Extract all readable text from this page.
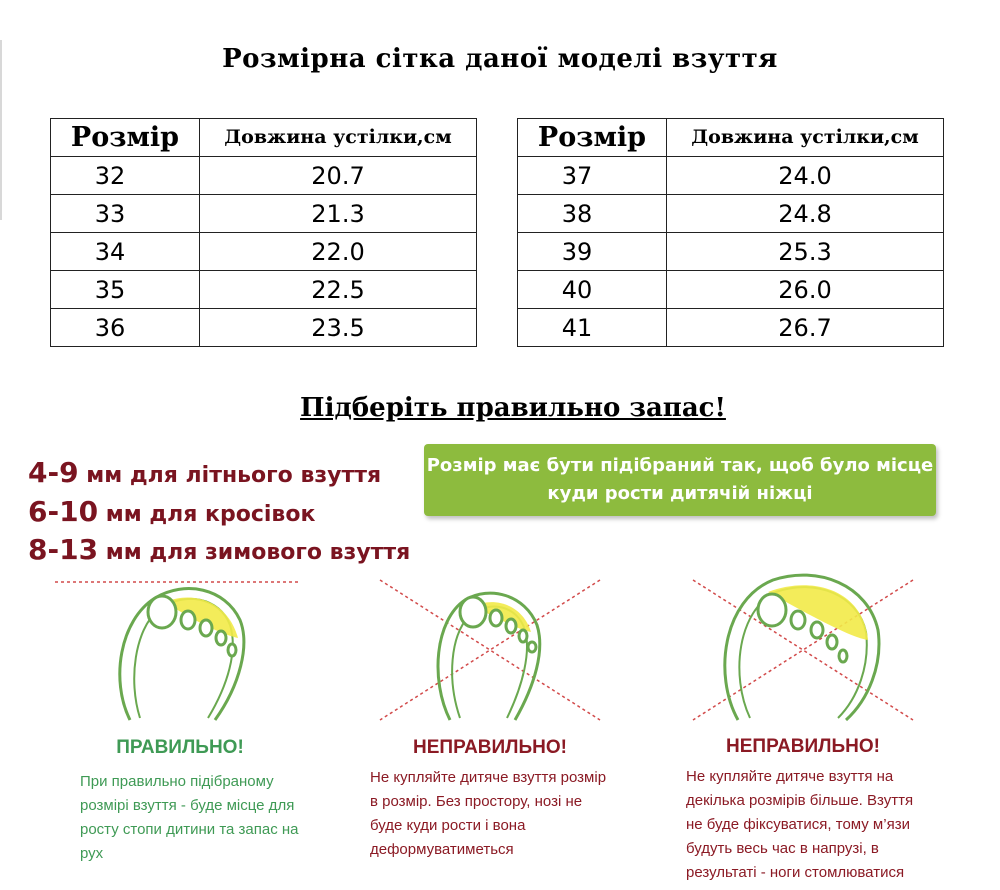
Розмірна сітка даної моделі взуття
Розмір	Довжина устілки,см
32	20.7
33	21.3
34	22.0
35	22.5
36	23.5
Розмір	Довжина устілки,см
37	24.0
38	24.8
39	25.3
40	26.0
41	26.7
Підберіть правильно запас!
4-9 мм для літнього взуття
6-10 мм для кросівок
8-13 мм для зимового взуття
Розмір має бути підібраний так, щоб було місце
куди рости дитячій ніжці
ПРАВИЛЬНО!	НЕПРАВИЛЬНО!	НЕПРАВИЛЬНО!
При правильно підібраному
розмірі взуття - буде місце для
росту стопи дитини та запас на
рух
Не купляйте дитяче взуття розмір
в розмір. Без простору, нозі не
буде куди рости і вона
деформуватиметься
Не купляйте дитяче взуття на
декілька розмірів більше. Взуття
не буде фіксуватися, тому м’язи
будуть весь час в напрузі, в
результаті - ноги стомлюватися
